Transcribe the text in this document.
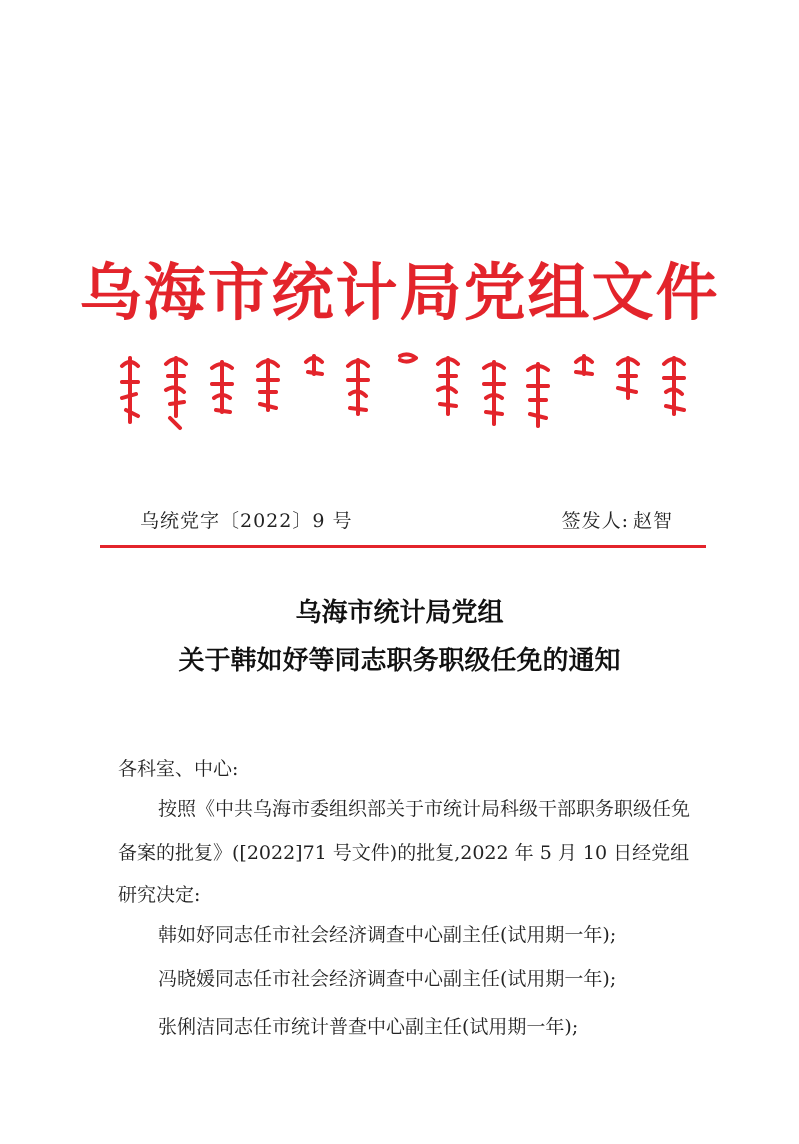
乌海市统计局党组文件
乌统党字〔2022〕9 号	签发人: 赵智
乌海市统计局党组
关于韩如妤等同志职务职级任免的通知
各科室、中心:
按照《中共乌海市委组织部关于市统计局科级干部职务职级任免
备案的批复》([2022]71 号文件)的批复,2022 年 5 月 10 日经党组
研究决定:
韩如妤同志任市社会经济调查中心副主任(试用期一年);
冯晓媛同志任市社会经济调查中心副主任(试用期一年);
张俐洁同志任市统计普查中心副主任(试用期一年);
